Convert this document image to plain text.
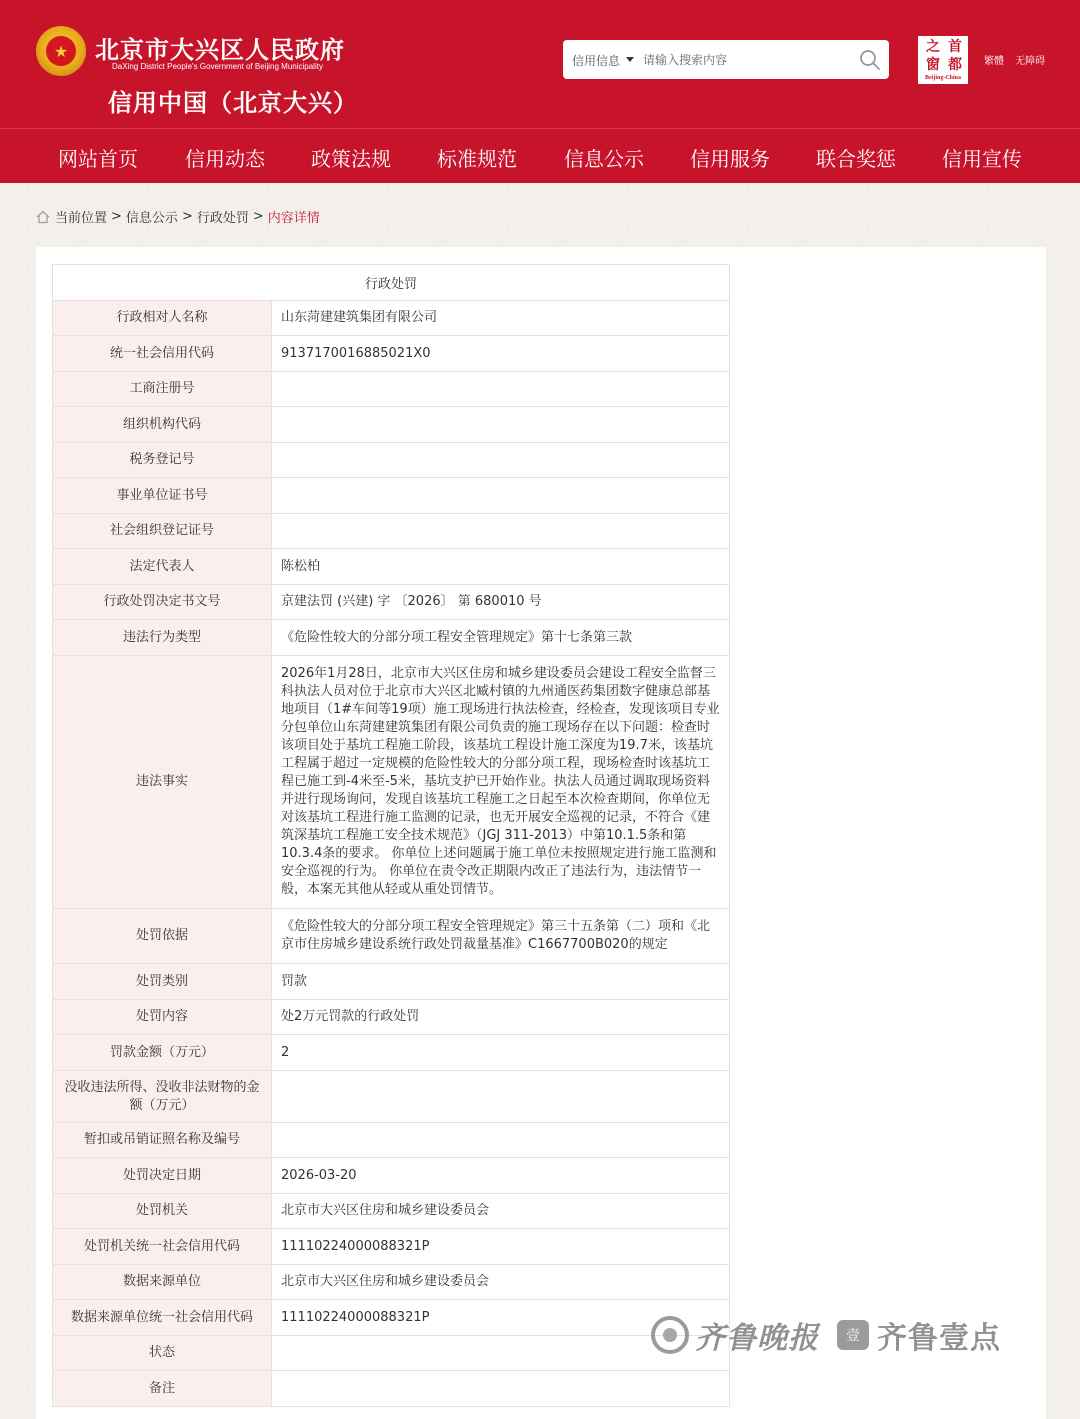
★	北京市大兴区人民政府
DaXing District People's Government of Beijing Municipality
信用中国（北京大兴）
信用信息
请输入搜索内容
之 首
窗 都
Beijing-China
繁體 无障碍
网站首页 信用动态 政策法规 标准规范 信息公示 信用服务 联合奖惩 信用宣传
当前位置 > 信息公示 > 行政处罚 > 内容详情
行政处罚	
行政相对人名称	山东菏建建筑集团有限公司
统一社会信用代码	9137170016885021X0
工商注册号	
组织机构代码	
税务登记号	
事业单位证书号	
社会组织登记证号	
法定代表人	陈松柏
行政处罚决定书文号	京建法罚 (兴建) 字 〔2026〕 第 680010 号
违法行为类型	《危险性较大的分部分项工程安全管理规定》第十七条第三款
违法事实	2026年1月28日，北京市大兴区住房和城乡建设委员会建设工程安全监督三科执法人员对位于北京市大兴区北臧村镇的九州通医药集团数字健康总部基地项目（1#车间等19项）施工现场进行执法检查，经检查，发现该项目专业分包单位山东菏建建筑集团有限公司负责的施工现场存在以下问题：检查时该项目处于基坑工程施工阶段，该基坑工程设计施工深度为19.7米，该基坑工程属于超过一定规模的危险性较大的分部分项工程，现场检查时该基坑工程已施工到-4米至-5米，基坑支护已开始作业。执法人员通过调取现场资料并进行现场询问，发现自该基坑工程施工之日起至本次检查期间，你单位无对该基坑工程进行施工监测的记录，也无开展安全巡视的记录，不符合《建筑深基坑工程施工安全技术规范》（JGJ 311-2013）中第10.1.5条和第10.3.4条的要求。 你单位上述问题属于施工单位未按照规定进行施工监测和安全巡视的行为。 你单位在责令改正期限内改正了违法行为，违法情节一般，本案无其他从轻或从重处罚情节。
处罚依据	《危险性较大的分部分项工程安全管理规定》第三十五条第（二）项和《北京市住房城乡建设系统行政处罚裁量基准》C1667700B020的规定
处罚类别	罚款
处罚内容	处2万元罚款的行政处罚
罚款金额（万元）	2
没收违法所得、没收非法财物的金额（万元）	
暂扣或吊销证照名称及编号	
处罚决定日期	2026-03-20
处罚机关	北京市大兴区住房和城乡建设委员会
处罚机关统一社会信用代码	11110224000088321P
数据来源单位	北京市大兴区住房和城乡建设委员会
数据来源单位统一社会信用代码	11110224000088321P
状态	
备注	
齐鲁晚报 壹 齐鲁壹点
